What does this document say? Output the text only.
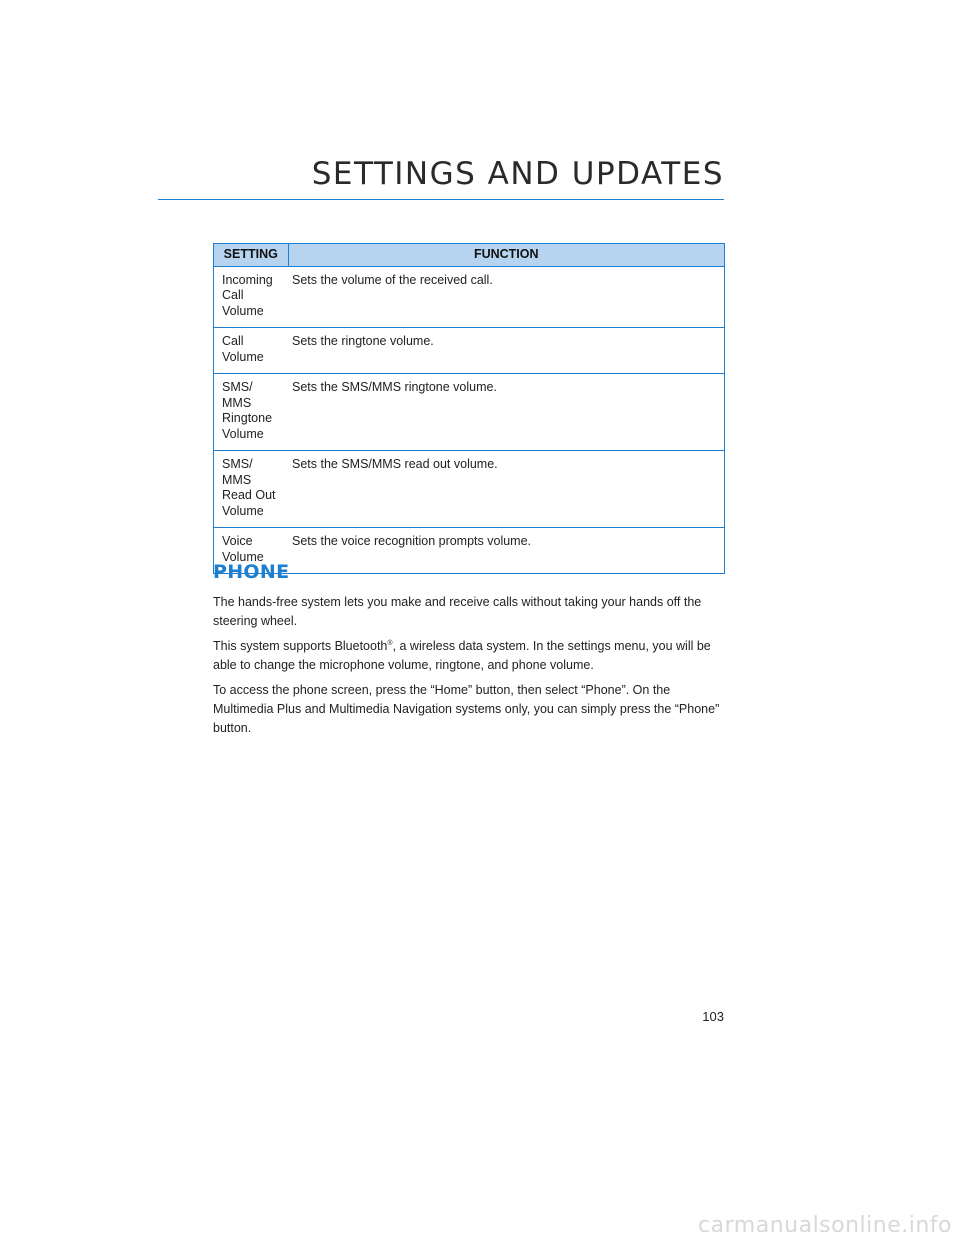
SETTINGS AND UPDATES
SETTING	FUNCTION
Incoming
Call
Volume	Sets the volume of the received call.
Call
Volume	Sets the ringtone volume.
SMS/
MMS
Ringtone
Volume	Sets the SMS/MMS ringtone volume.
SMS/
MMS
Read Out
Volume	Sets the SMS/MMS read out volume.
Voice
Volume	Sets the voice recognition prompts volume.
PHONE

The hands-free system lets you make and receive calls without taking your hands off the steering wheel.

This system supports Bluetooth®, a wireless data system. In the settings menu, you will be able to change the microphone volume, ringtone, and phone volume.

To access the phone screen, press the “Home” button, then select “Phone”. On the Multimedia Plus and Multimedia Navigation systems only, you can simply press the “Phone” button.

103
carmanualsonline.info
